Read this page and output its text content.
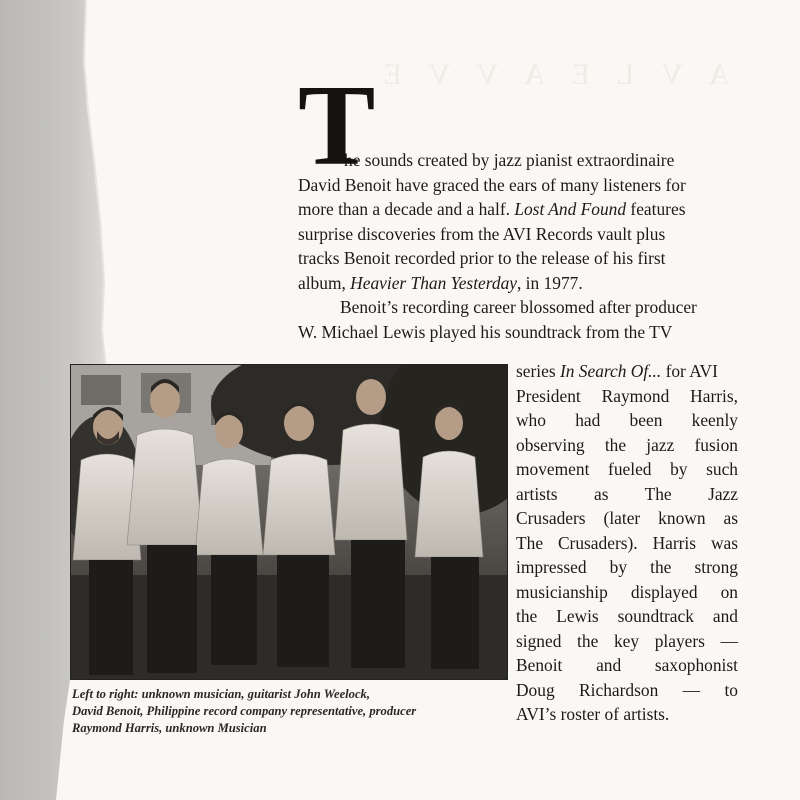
A V L E A V V E
T
he sounds created by jazz pianist extraordinaire
David Benoit have graced the ears of many listeners for
more than a decade and a half. Lost And Found features
surprise discoveries from the AVI Records vault plus
tracks Benoit recorded prior to the release of his first
album, Heavier Than Yesterday, in 1977.
Benoit’s recording career blossomed after producer
W. Michael Lewis played his soundtrack from the TV
Left to right: unknown musician, guitarist John Weelock,
David Benoit, Philippine record company representative, producer
Raymond Harris, unknown Musician
series In Search Of... for AVI
President Raymond Harris,
who had been keenly
observing the jazz fusion
movement fueled by such
artists as The Jazz
Crusaders (later known as
The Crusaders). Harris was
impressed by the strong
musicianship displayed on
the Lewis soundtrack and
signed the key players —
Benoit and saxophonist
Doug Richardson — to
AVI’s roster of artists.
